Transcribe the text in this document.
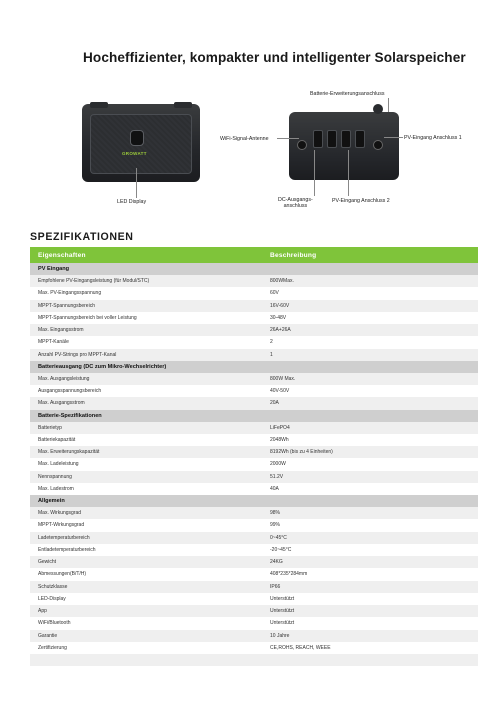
Hocheffizienter, kompakter und intelligenter Solarspeicher
GROWATT
LED Display
Batterie-Erweiterungsanschluss
WiFi-Signal-Antenne	PV-Eingang Anschluss 1
DC-Ausgangs-
anschluss
PV-Eingang Anschluss 2
SPEZIFIKATIONEN
Eigenschaften	Beschreibung
PV Eingang	
Empfohlene PV-Eingangsleistung (für Modul/STC)	800WMax.
Max. PV-Eingangsspannung	60V
MPPT-Spannungsbereich	16V-60V
MPPT-Spannungsbereich bei voller Leistung	30-48V
Max. Eingangsstrom	26A+26A
MPPT-Kanäle	2
Anzahl PV-Strings pro MPPT-Kanal	1
Batterieausgang (DC zum Mikro-Wechselrichter)	
Max. Ausgangsleistung	800W Max.
Ausgangsspannungsbereich	40V-50V
Max. Ausgangsstrom	20A
Batterie-Spezifikationen	
Batterietyp	LiFePO4
Batteriekapazität	2048Wh
Max. Erweiterungskapazität	8192Wh (bis zu 4 Einheiten)
Max. Ladeleistung	2000W
Nennspannung	51.2V
Max. Ladestrom	40A
Allgemein	
Max. Wirkungsgrad	98%
MPPT-Wirkungsgrad	99%
Ladetemperaturbereich	0~45°C
Entladetemperaturbereich	-20~45°C
Gewicht	24KG
Abmessungen(B/T/H)	408*235*284mm
Schutzklasse	IP66
LED-Display	Unterstützt
App	Unterstützt
WiFi/Bluetooth	Unterstützt
Garantie	10 Jahre
Zertifizierung	CE,ROHS, REACH, WEEE
